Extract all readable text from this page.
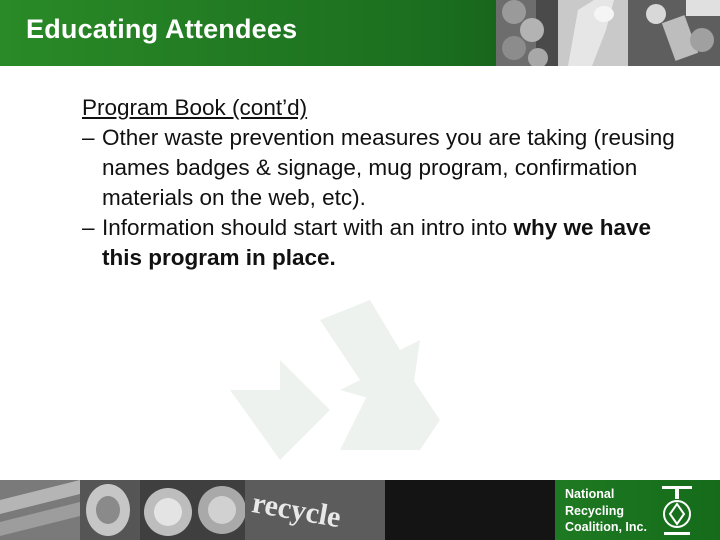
Educating Attendees

Program Book (cont’d)

– Other waste prevention measures you are taking (reusing names badges & signage, mug program, confirmation materials on the web, etc).

– Information should start with an intro into why we have this program in place.

recycle	National
Recycling
Coalition, Inc.
